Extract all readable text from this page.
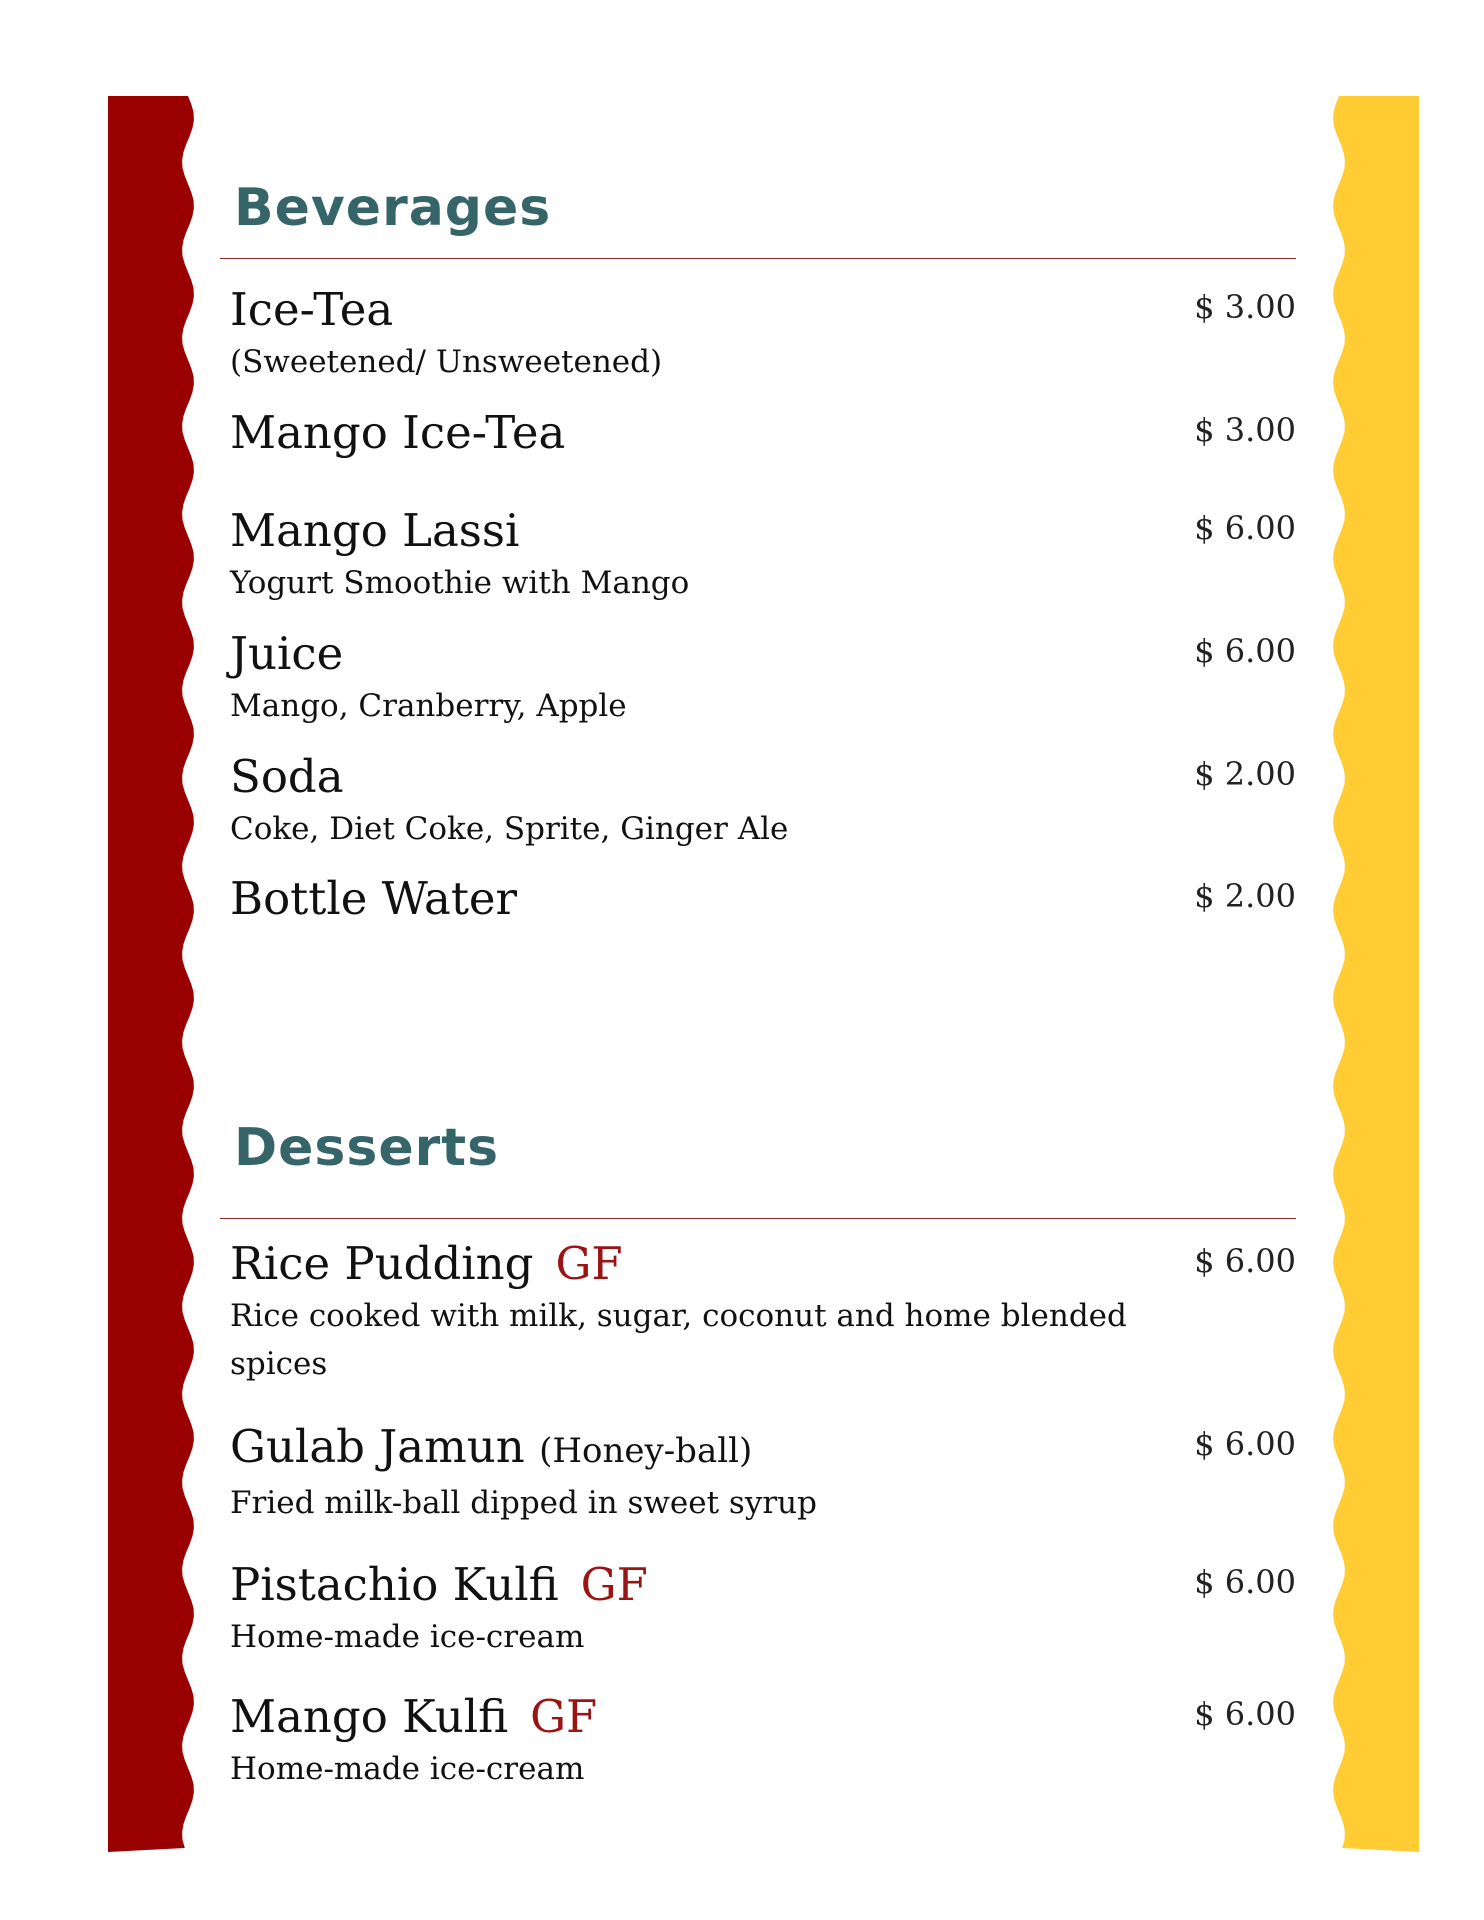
Beverages
Ice-Tea
(Sweetened/ Unsweetened)
$ 3.00
Mango Ice-Tea	$ 3.00
Mango Lassi
Yogurt Smoothie with Mango
$ 6.00
Juice
Mango, Cranberry, Apple
$ 6.00
Soda
Coke, Diet Coke, Sprite, Ginger Ale
$ 2.00
Bottle Water	$ 2.00
Desserts
Rice Pudding GF
Rice cooked with milk, sugar, coconut and home blended spices
$ 6.00
Gulab Jamun (Honey-ball)
Fried milk-ball dipped in sweet syrup
$ 6.00
Pistachio Kulfi GF
Home-made ice-cream
$ 6.00
Mango Kulfi GF
Home-made ice-cream
$ 6.00
